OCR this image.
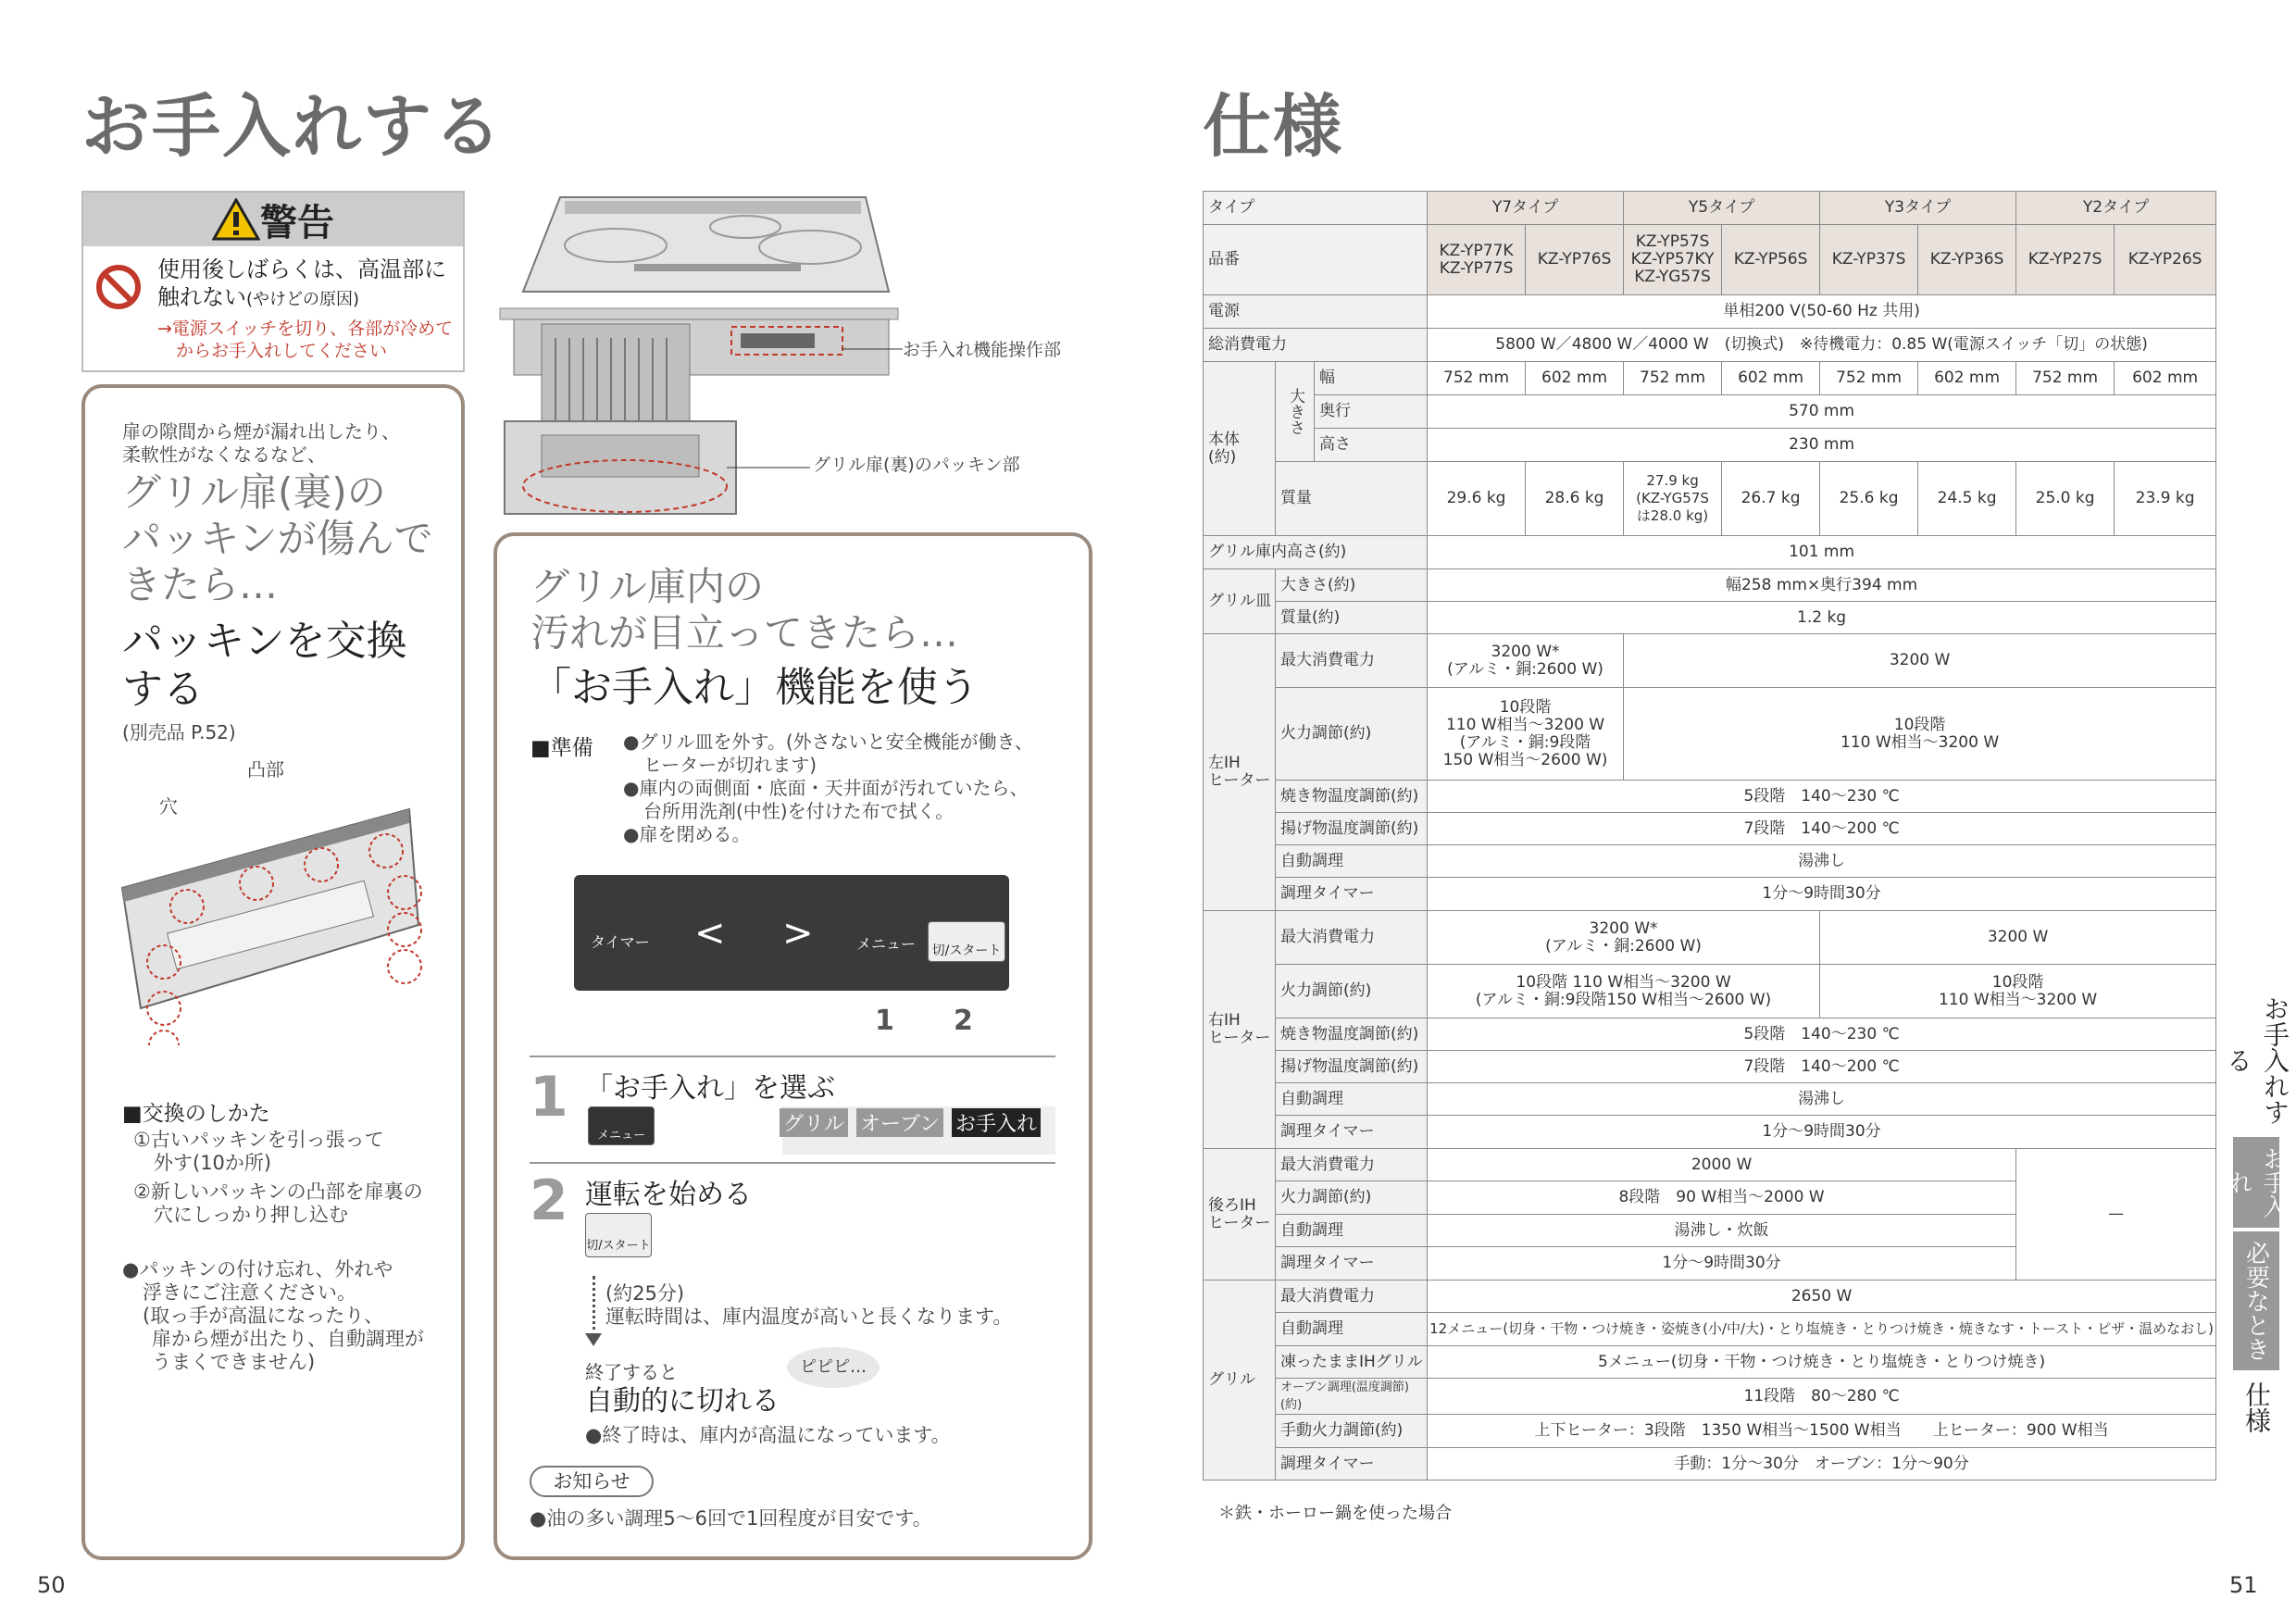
お手入れする
警告
使用後しばらくは、高温部に
触れない(やけどの原因)
→電源スイッチを切り、各部が冷めて
からお手入れしてください	お手入れ機能操作部
グリル扉(裏)のパッキン部
扉の隙間から煙が漏れ出したり、
柔軟性がなくなるなど、
グリル扉(裏)の
パッキンが傷んで
きたら…
パッキンを交換
する
(別売品 P.52)
凸部
穴
■交換のしかた
①古いパッキンを引っ張って
外す(10か所)
②新しいパッキンの凸部を扉裏の
穴にしっかり押し込む
●パッキンの付け忘れ、外れや
浮きにご注意ください。
(取っ手が高温になったり、
扉から煙が出たり、自動調理が
うまくできません)
グリル庫内の
汚れが目立ってきたら…
「お手入れ」機能を使う
■準備 ●グリル皿を外す。(外さないと安全機能が働き、
ヒーターが切れます)
●庫内の両側面・底面・天井面が汚れていたら、
台所用洗剤(中性)を付けた布で拭く。
●扉を閉める。
タイマー < >	メニュー	切/スタート
1 2
1 「お手入れ」を選ぶ
メニュー	グリル オーブン お手入れ
2 運転を始める
切/スタート
(約25分)
運転時間は、庫内温度が高いと長くなります。
終了すると
自動的に切れる
ピピピ…
●終了時は、庫内が高温になっています。
お知らせ
●油の多い調理5～6回で1回程度が目安です。
50
仕様
タイプ			Y7タイプ		Y5タイプ		Y3タイプ		Y2タイプ	
品番			KZ-YP77K
KZ-YP77S	KZ-YP76S	KZ-YP57S
KZ-YP57KY
KZ-YG57S	KZ-YP56S	KZ-YP37S	KZ-YP36S	KZ-YP27S	KZ-YP26S
電源			単相200 V(50-60 Hz 共用)							
総消費電力			5800 W／4800 W／4000 W　(切換式)　※待機電力：0.85 W(電源スイッチ「切」の状態)							
本体
(約)	大きさ	幅	752 mm	602 mm	752 mm	602 mm	752 mm	602 mm	752 mm	602 mm
		奥行	570 mm							
		高さ	230 mm							
	質量		29.6 kg	28.6 kg	27.9 kg
(KZ-YG57S
は28.0 kg)	26.7 kg	25.6 kg	24.5 kg	25.0 kg	23.9 kg
グリル庫内高さ(約)			101 mm							
グリル皿	大きさ(約)		幅258 mm×奥行394 mm							
	質量(約)		1.2 kg							
左IH
ヒーター	最大消費電力		3200 W*
(アルミ・銅:2600 W)		3200 W					
	火力調節(約)		10段階
110 W相当～3200 W
(アルミ・銅:9段階
150 W相当～2600 W)		10段階
110 W相当～3200 W					
	焼き物温度調節(約)		5段階　140～230 ℃							
	揚げ物温度調節(約)		7段階　140～200 ℃							
	自動調理		湯沸し							
	調理タイマー		1分～9時間30分							
右IH
ヒーター	最大消費電力		3200 W*
(アルミ・銅:2600 W)				3200 W			
	火力調節(約)		10段階 110 W相当～3200 W
(アルミ・銅:9段階150 W相当～2600 W)				10段階
110 W相当～3200 W			
	焼き物温度調節(約)		5段階　140～230 ℃							
	揚げ物温度調節(約)		7段階　140～200 ℃							
	自動調理		湯沸し							
	調理タイマー		1分～9時間30分							
後ろIH
ヒーター	最大消費電力		2000 W						—	
	火力調節(約)		8段階　90 W相当～2000 W							
	自動調理		湯沸し・炊飯							
	調理タイマー		1分～9時間30分							
グリル	最大消費電力		2650 W							
	自動調理		12メニュー(切身・干物・つけ焼き・姿焼き(小/中/大)・とり塩焼き・とりつけ焼き・焼きなす・トースト・ピザ・温めなおし)							
	凍ったままIHグリル		5メニュー(切身・干物・つけ焼き・とり塩焼き・とりつけ焼き)							
	オーブン調理(温度調節)(約)		11段階　80～280 ℃							
	手動火力調節(約)		上下ヒーター：3段階　1350 W相当～1500 W相当　　上ヒーター：900 W相当							
	調理タイマー		手動：1分～30分　オーブン：1分～90分							
＊鉄・ホーロー鍋を使った場合
お手入れする
お手入れ
必要なとき
仕様
51
